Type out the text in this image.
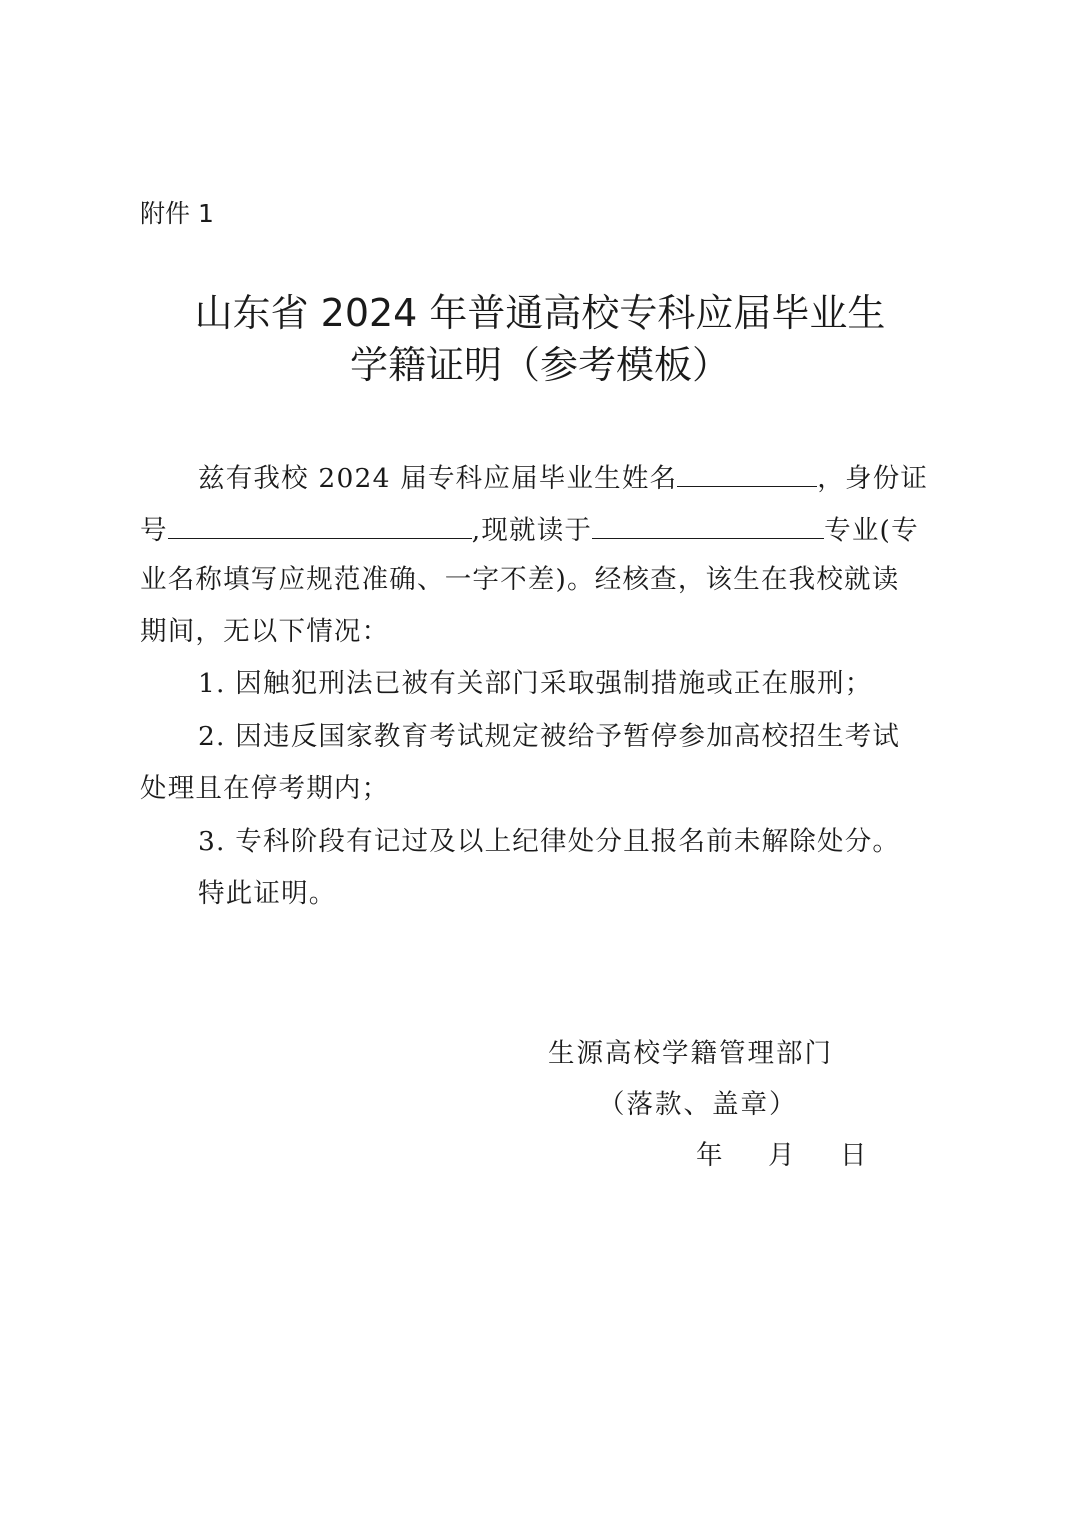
附件 1
山东省 2024 年普通高校专科应届毕业生
学籍证明（参考模板）
兹有我校 2024 届专科应届毕业生姓名	，身份证
号	,现就读于	专业(专
业名称填写应规范准确、一字不差)。经核查，该生在我校就读
期间，无以下情况：
1. 因触犯刑法已被有关部门采取强制措施或正在服刑；
2. 因违反国家教育考试规定被给予暂停参加高校招生考试
处理且在停考期内；
3. 专科阶段有记过及以上纪律处分且报名前未解除处分。
特此证明。
生源高校学籍管理部门
（落款、盖章）
年 月 日
